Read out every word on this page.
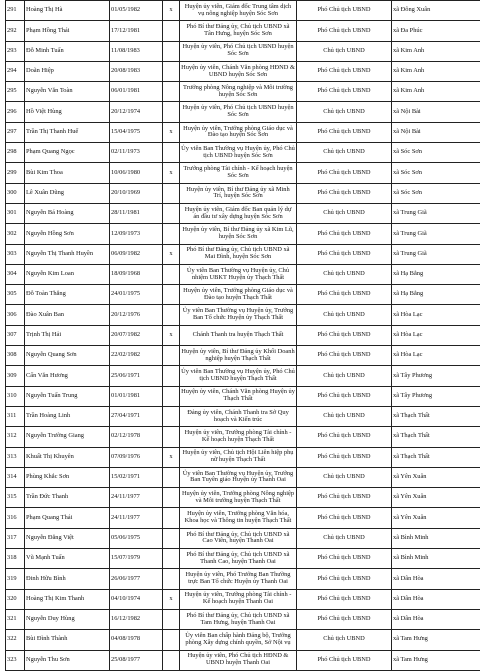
291	Hoàng Thị Hà	01/05/1982	x	Huyện ủy viên, Giám đốc Trung tâm dịch vụ nông nghiệp huyện Sóc Sơn	Phó Chủ tịch UBND	xã Đông Xuân
292	Phạm Hồng Thái	17/12/1981		Phó Bí thư Đảng ủy, Chủ tịch UBND xã Tân Hưng, huyện Sóc Sơn	Phó Chủ tịch UBND	xã Đa Phúc
293	Đỗ Minh Tuấn	11/08/1983		Huyện ủy viên, Phó Chủ tịch UBND huyện Sóc Sơn	Chủ tịch UBND	xã Kim Anh
294	Doãn Hiệp	20/08/1983		Huyện ủy viên, Chánh Văn phòng HĐND & UBND huyện Sóc Sơn	Phó Chủ tịch UBND	xã Kim Anh
295	Nguyễn Văn Toàn	06/01/1981		Trưởng phòng Nông nghiệp và Môi trường huyện Sóc Sơn	Phó Chủ tịch UBND	xã Kim Anh
296	Hồ Việt Hùng	20/12/1974		Huyện ủy viên, Phó Chủ tịch UBND huyện Sóc Sơn	Chủ tịch UBND	xã Nội Bài
297	Trần Thị Thanh Huế	15/04/1975	x	Huyện ủy viên, Trưởng phòng Giáo dục và Đào tạo huyện Sóc Sơn	Phó Chủ tịch UBND	xã Nội Bài
298	Phạm Quang Ngọc	02/11/1973		Ủy viên Ban Thường vụ Huyện ủy, Phó Chủ tịch UBND huyện Sóc Sơn	Chủ tịch UBND	xã Sóc Sơn
299	Bùi Kim Thoa	10/06/1980	x	Trưởng phòng Tài chính - Kế hoạch huyện Sóc Sơn	Phó Chủ tịch UBND	xã Sóc Sơn
300	Lê Xuân Dũng	20/10/1969		Huyện ủy viên, Bí thư Đảng ủy xã Minh Trí, huyện Sóc Sơn	Phó Chủ tịch UBND	xã Sóc Sơn
301	Nguyễn Bá Hoàng	28/11/1981		Huyện ủy viên, Giám đốc Ban quản lý dự án đầu tư xây dựng huyện Sóc Sơn	Chủ tịch UBND	xã Trung Giã
302	Nguyễn Hồng Sơn	12/09/1973		Huyện ủy viên, Bí thư Đảng ủy xã Kim Lũ, huyện Sóc Sơn	Phó Chủ tịch UBND	xã Trung Giã
303	Nguyễn Thị Thanh Huyền	06/09/1982	x	Phó Bí thư Đảng ủy, Chủ tịch UBND xã Mai Đình, huyện Sóc Sơn	Phó Chủ tịch UBND	xã Trung Giã
304	Nguyễn Kim Loan	18/09/1968		Ủy viên Ban Thường vụ Huyện ủy, Chủ nhiệm UBKT Huyện ủy Thạch Thất	Chủ tịch UBND	xã Hạ Bằng
305	Đỗ Toàn Thắng	24/01/1975		Huyện ủy viên, Trưởng phòng Giáo dục và Đào tạo huyện Thạch Thất	Phó Chủ tịch UBND	xã Hạ Bằng
306	Đào Xuân Ban	20/12/1976		Ủy viên Ban Thường vụ Huyện ủy, Trưởng Ban Tổ chức Huyện ủy Thạch Thất	Chủ tịch UBND	xã Hòa Lạc
307	Trịnh Thị Hải	20/07/1982	x	Chánh Thanh tra huyện Thạch Thất	Phó Chủ tịch UBND	xã Hòa Lạc
308	Nguyễn Quang Sơn	22/02/1982		Huyện ủy viên, Bí thư Đảng ủy Khối Doanh nghiệp huyện Thạch Thất	Phó Chủ tịch UBND	xã Hòa Lạc
309	Cấn Văn Hương	25/06/1971		Ủy viên Ban Thường vụ Huyện ủy, Phó Chủ tịch UBND huyện Thạch Thất	Chủ tịch UBND	xã Tây Phương
310	Nguyễn Tuấn Trung	01/01/1981		Huyện ủy viên, Chánh Văn phòng Huyện ủy Thạch Thất	Phó Chủ tịch UBND	xã Tây Phương
311	Trần Hoàng Linh	27/04/1971		Đảng ủy viên, Chánh Thanh tra Sở Quy hoạch và Kiến trúc	Chủ tịch UBND	xã Thạch Thất
312	Nguyễn Trường Giang	02/12/1978		Huyện ủy viên, Trưởng phòng Tài chính - Kế hoạch huyện Thạch Thất	Phó Chủ tịch UBND	xã Thạch Thất
313	Khuất Thị Khuyên	07/09/1976	x	Huyện ủy viên, Chủ tịch Hội Liên hiệp phụ nữ huyện Thạch Thất	Phó Chủ tịch UBND	xã Thạch Thất
314	Phùng Khắc Sơn	15/02/1971		Ủy viên Ban Thường vụ Huyện ủy, Trưởng Ban Tuyên giáo Huyện ủy Thanh Oai	Chủ tịch UBND	xã Yên Xuân
315	Trần Đức Thanh	24/11/1977		Huyện ủy viên, Trưởng phòng Nông nghiệp và Môi trường huyện Thạch Thất	Phó Chủ tịch UBND	xã Yên Xuân
316	Phạm Quang Thái	24/11/1977		Huyện ủy viên, Trưởng phòng Văn hóa, Khoa học và Thông tin huyện Thạch Thất	Phó Chủ tịch UBND	xã Yên Xuân
317	Nguyễn Đăng Việt	05/06/1975		Phó Bí thư Đảng ủy, Chủ tịch UBND xã Cao Viên, huyện Thanh Oai	Chủ tịch UBND	xã Bình Minh
318	Vũ Mạnh Tuấn	15/07/1979		Phó Bí thư Đảng ủy, Chủ tịch UBND xã Thanh Cao, huyện Thanh Oai	Phó Chủ tịch UBND	xã Bình Minh
319	Đinh Hữu Bình	26/06/1977		Huyện ủy viên, Phó Trưởng Ban Thường trực Ban Tổ chức Huyện ủy Thanh Oai	Phó Chủ tịch UBND	xã Dân Hòa
320	Hoàng Thị Kim Thanh	04/10/1974	x	Huyện ủy viên, Trưởng phòng Tài chính - Kế hoạch huyện Thanh Oai	Phó Chủ tịch UBND	xã Dân Hòa
321	Nguyễn Duy Hùng	16/12/1982		Phó Bí thư Đảng ủy, Chủ tịch UBND xã Tam Hưng, huyện Thanh Oai	Phó Chủ tịch UBND	xã Dân Hòa
322	Bùi Đình Thành	04/08/1978		Ủy viên Ban chấp hành Đảng bộ, Trưởng phòng Xây dựng chính quyền, Sở Nội vụ	Chủ tịch UBND	xã Tam Hưng
323	Nguyễn Thu Sơn	25/08/1977		Huyện ủy viên, Phó Chủ tịch HĐND & UBND huyện Thanh Oai	Phó Chủ tịch UBND	xã Tam Hưng
